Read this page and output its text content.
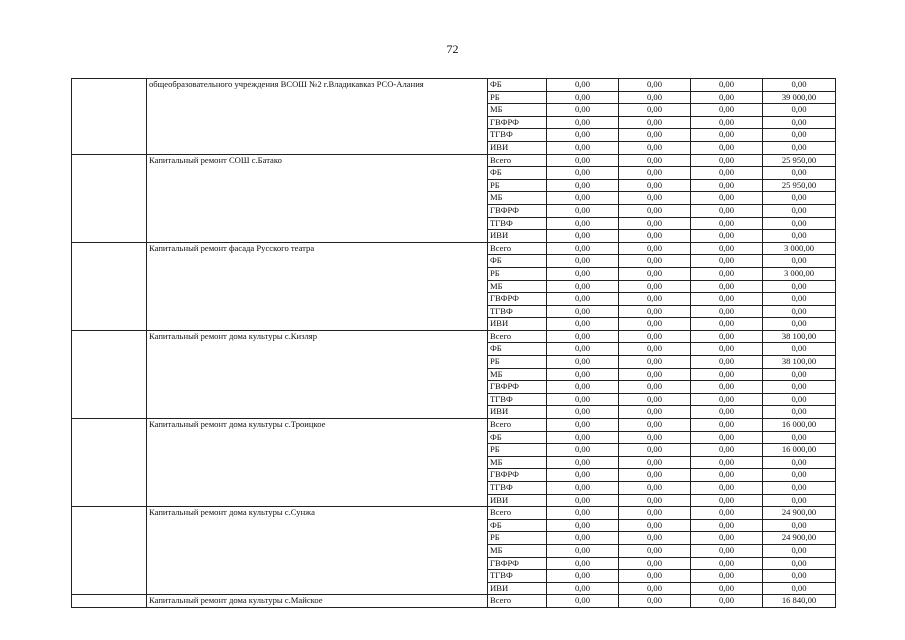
72
	общеобразовательного учреждения ВСОШ №2 г.Владикавказ РСО-Алания	ФБ	0,00	0,00	0,00	0,00
		РБ	0,00	0,00	0,00	39 000,00
		МБ	0,00	0,00	0,00	0,00
		ГВФРФ	0,00	0,00	0,00	0,00
		ТГВФ	0,00	0,00	0,00	0,00
		ИВИ	0,00	0,00	0,00	0,00
	Капитальный ремонт СОШ с.Батако	Всего	0,00	0,00	0,00	25 950,00
		ФБ	0,00	0,00	0,00	0,00
		РБ	0,00	0,00	0,00	25 950,00
		МБ	0,00	0,00	0,00	0,00
		ГВФРФ	0,00	0,00	0,00	0,00
		ТГВФ	0,00	0,00	0,00	0,00
		ИВИ	0,00	0,00	0,00	0,00
	Капитальный ремонт фасада Русского театра	Всего	0,00	0,00	0,00	3 000,00
		ФБ	0,00	0,00	0,00	0,00
		РБ	0,00	0,00	0,00	3 000,00
		МБ	0,00	0,00	0,00	0,00
		ГВФРФ	0,00	0,00	0,00	0,00
		ТГВФ	0,00	0,00	0,00	0,00
		ИВИ	0,00	0,00	0,00	0,00
	Капитальный ремонт дома культуры с.Кизляр	Всего	0,00	0,00	0,00	38 100,00
		ФБ	0,00	0,00	0,00	0,00
		РБ	0,00	0,00	0,00	38 100,00
		МБ	0,00	0,00	0,00	0,00
		ГВФРФ	0,00	0,00	0,00	0,00
		ТГВФ	0,00	0,00	0,00	0,00
		ИВИ	0,00	0,00	0,00	0,00
	Капитальный ремонт дома культуры с.Троицкое	Всего	0,00	0,00	0,00	16 000,00
		ФБ	0,00	0,00	0,00	0,00
		РБ	0,00	0,00	0,00	16 000,00
		МБ	0,00	0,00	0,00	0,00
		ГВФРФ	0,00	0,00	0,00	0,00
		ТГВФ	0,00	0,00	0,00	0,00
		ИВИ	0,00	0,00	0,00	0,00
	Капитальный ремонт дома культуры с.Сунжа	Всего	0,00	0,00	0,00	24 900,00
		ФБ	0,00	0,00	0,00	0,00
		РБ	0,00	0,00	0,00	24 900,00
		МБ	0,00	0,00	0,00	0,00
		ГВФРФ	0,00	0,00	0,00	0,00
		ТГВФ	0,00	0,00	0,00	0,00
		ИВИ	0,00	0,00	0,00	0,00
	Капитальный ремонт дома культуры с.Майское	Всего	0,00	0,00	0,00	16 840,00
